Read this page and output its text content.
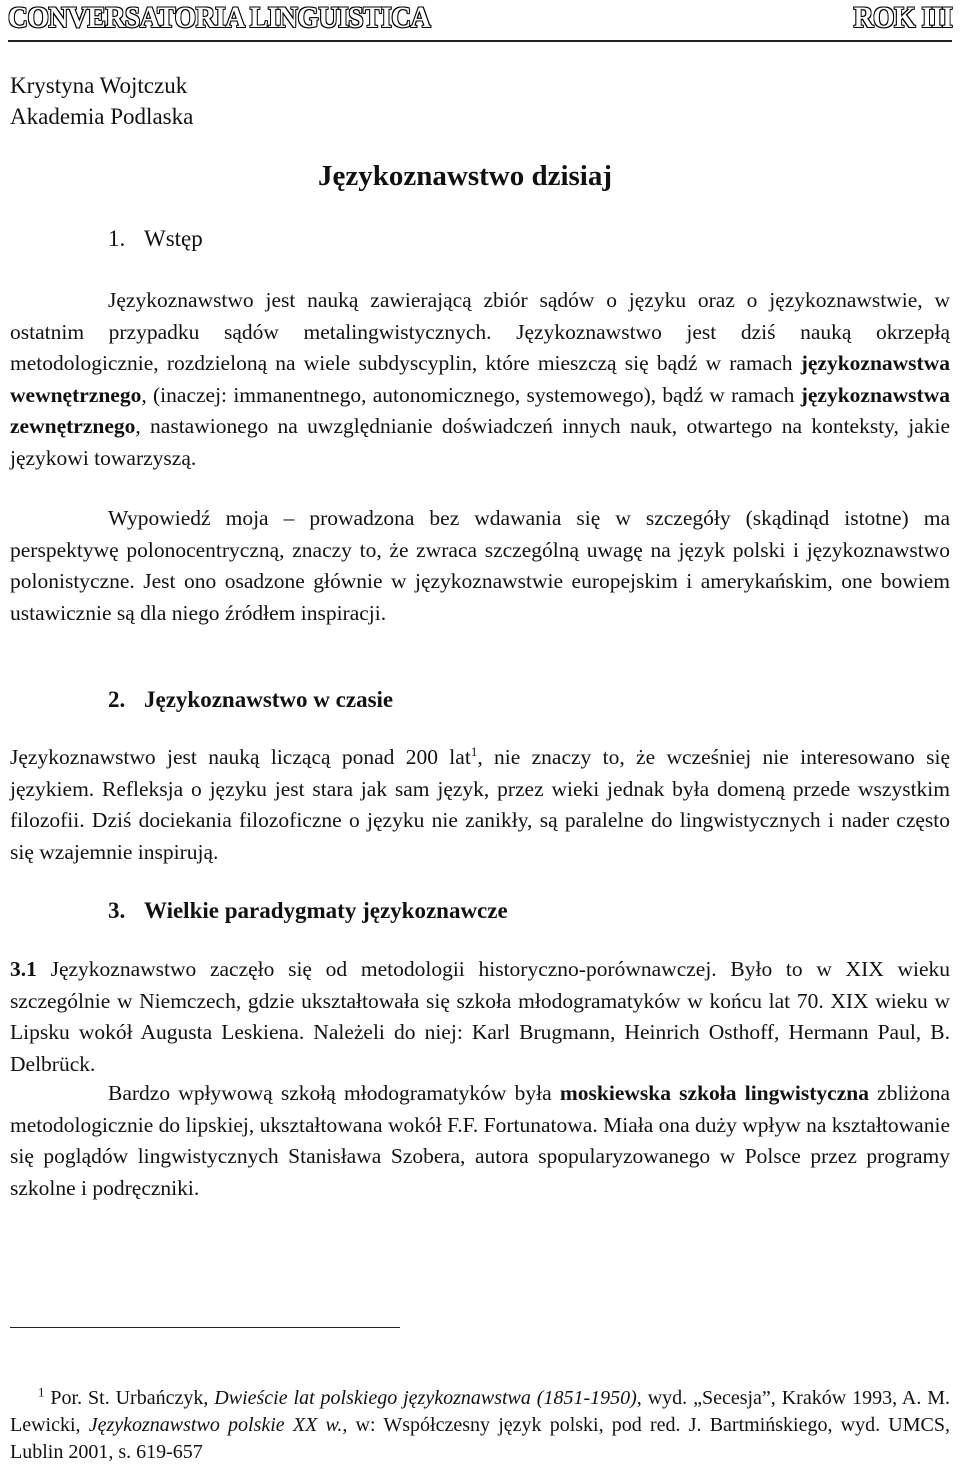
CONVERSATORIA LINGUISTICA	ROK III
Krystyna Wojtczuk
Akademia Podlaska
Językoznawstwo dzisiaj
1. Wstęp

Językoznawstwo jest nauką zawierającą zbiór sądów o języku oraz o językoznawstwie, w ostatnim przypadku sądów metalingwistycznych. Językoznawstwo jest dziś nauką okrzepłą metodologicznie, rozdzieloną na wiele subdyscyplin, które mieszczą się bądź w ramach językoznawstwa wewnętrznego, (inaczej: immanentnego, autonomicznego, systemowego), bądź w ramach językoznawstwa zewnętrznego, nastawionego na uwzględnianie doświadczeń innych nauk, otwartego na konteksty, jakie językowi towarzyszą.

Wypowiedź moja – prowadzona bez wdawania się w szczegóły (skądinąd istotne) ma perspektywę polonocentryczną, znaczy to, że zwraca szczególną uwagę na język polski i językoznawstwo polonistyczne. Jest ono osadzone głównie w językoznawstwie europejskim i amerykańskim, one bowiem ustawicznie są dla niego źródłem inspiracji.

2. Językoznawstwo w czasie

Językoznawstwo jest nauką liczącą ponad 200 lat$^1$, nie znaczy to, że wcześniej nie interesowano się językiem. Refleksja o języku jest stara jak sam język, przez wieki jednak była domeną przede wszystkim filozofii. Dziś dociekania filozoficzne o języku nie zanikły, są paralelne do lingwistycznych i nader często się wzajemnie inspirują.

3. Wielkie paradygmaty językoznawcze

3.1 Językoznawstwo zaczęło się od metodologii historyczno-porównawczej. Było to w XIX wieku szczególnie w Niemczech, gdzie ukształtowała się szkoła młodogramatyków w końcu lat 70. XIX wieku w Lipsku wokół Augusta Leskiena. Należeli do niej: Karl Brugmann, Heinrich Osthoff, Hermann Paul, B. Delbrück.

Bardzo wpływową szkołą młodogramatyków była moskiewska szkoła lingwistyczna zbliżona metodologicznie do lipskiej, ukształtowana wokół F.F. Fortunatowa. Miała ona duży wpływ na kształtowanie się poglądów lingwistycznych Stanisława Szobera, autora spopularyzowanego w Polsce przez programy szkolne i podręczniki.

$^1$ Por. St. Urbańczyk, Dwieście lat polskiego językoznawstwa (1851-1950), wyd. „Secesja”, Kraków 1993, A. M. Lewicki, Językoznawstwo polskie XX w., w: Współczesny język polski, pod red. J. Bartmińskiego, wyd. UMCS, Lublin 2001, s. 619-657
